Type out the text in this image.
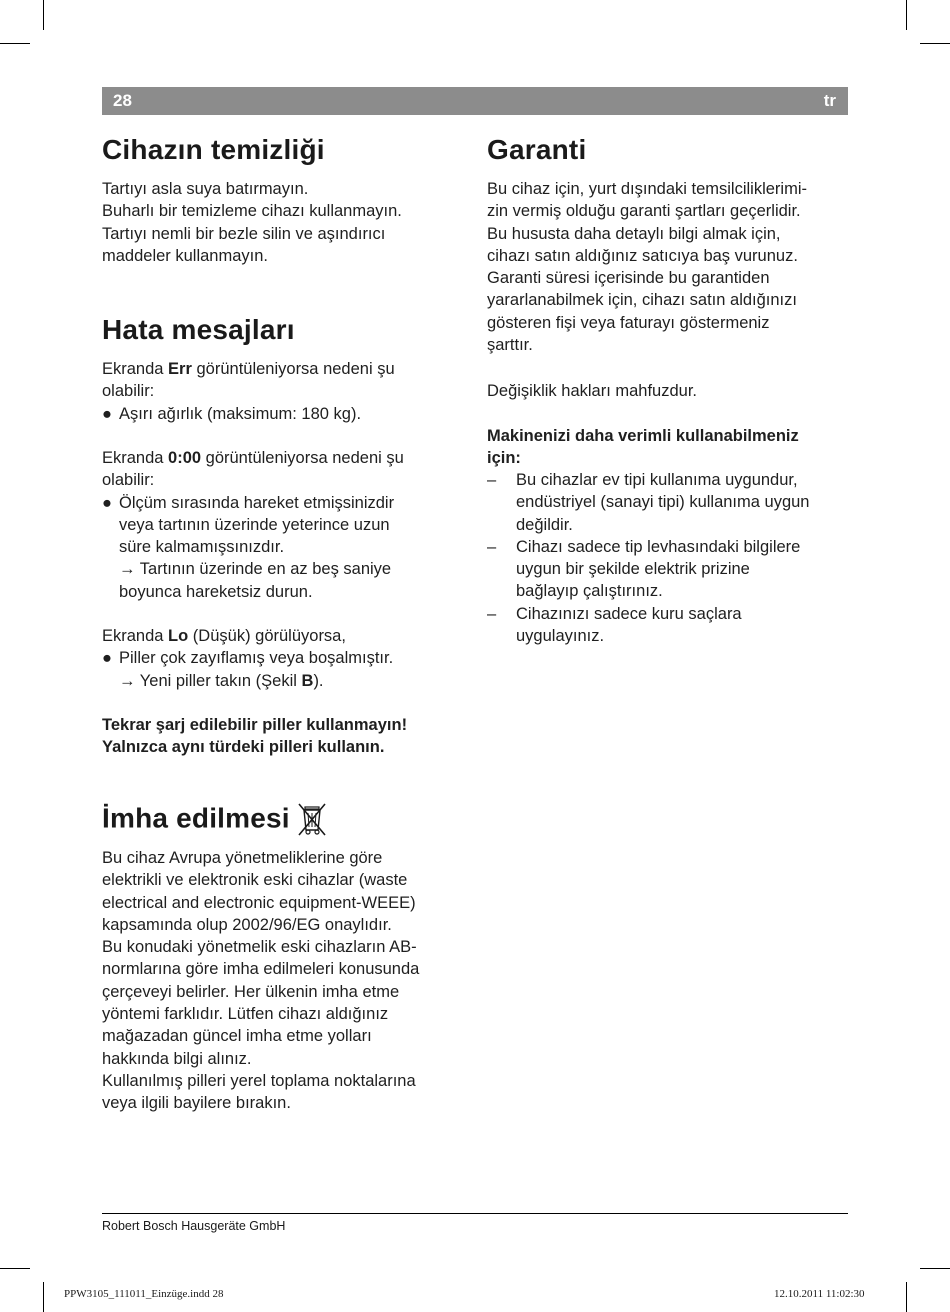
28	tr
Cihazın temizliği
Tartıyı asla suya batırmayın.
Buharlı bir temizleme cihazı kullanmayın.
Tartıyı nemli bir bezle silin ve aşındırıcı
maddeler kullanmayın.
Hata mesajları
Ekranda Err görüntüleniyorsa nedeni şu
olabilir:
● Aşırı ağırlık (maksimum: 180 kg).
Ekranda 0:00 görüntüleniyorsa nedeni şu
olabilir:
● Ölçüm sırasında hareket etmişsinizdir
veya tartının üzerinde yeterince uzun
süre kalmamışsınızdır.
→ Tartının üzerinde en az beş saniye
boyunca hareketsiz durun.
Ekranda Lo (Düşük) görülüyorsa,
● Piller çok zayıflamış veya boşalmıştır.
→ Yeni piller takın (Şekil B).
Tekrar şarj edilebilir piller kullanmayın!
Yalnızca aynı türdeki pilleri kullanın.
İmha edilmesi
Bu cihaz Avrupa yönetmeliklerine göre
elektrikli ve elektronik eski cihazlar (waste
electrical and electronic equipment-WEEE)
kapsamında olup 2002/96/EG onaylıdır.
Bu konudaki yönetmelik eski cihazların AB-
normlarına göre imha edilmeleri konusunda
çerçeveyi belirler. Her ülkenin imha etme
yöntemi farklıdır. Lütfen cihazı aldığınız
mağazadan güncel imha etme yolları
hakkında bilgi alınız.
Kullanılmış pilleri yerel toplama noktalarına
veya ilgili bayilere bırakın.
Garanti
Bu cihaz için, yurt dışındaki temsilciliklerimi-
zin vermiş olduğu garanti şartları geçerlidir.
Bu hususta daha detaylı bilgi almak için,
cihazı satın aldığınız satıcıya baş vurunuz.
Garanti süresi içerisinde bu garantiden
yararlanabilmek için, cihazı satın aldığınızı
gösteren fişi veya faturayı göstermeniz
şarttır.
Değişiklik hakları mahfuzdur.
Makinenizi daha verimli kullanabilmeniz
için:
– Bu cihazlar ev tipi kullanıma uygundur,
endüstriyel (sanayi tipi) kullanıma uygun
değildir.
– Cihazı sadece tip levhasındaki bilgilere
uygun bir şekilde elektrik prizine
bağlayıp çalıştırınız.
– Cihazınızı sadece kuru saçlara
uygulayınız.
Robert Bosch Hausgeräte GmbH
PPW3105_111011_Einzüge.indd 28	12.10.2011 11:02:30
